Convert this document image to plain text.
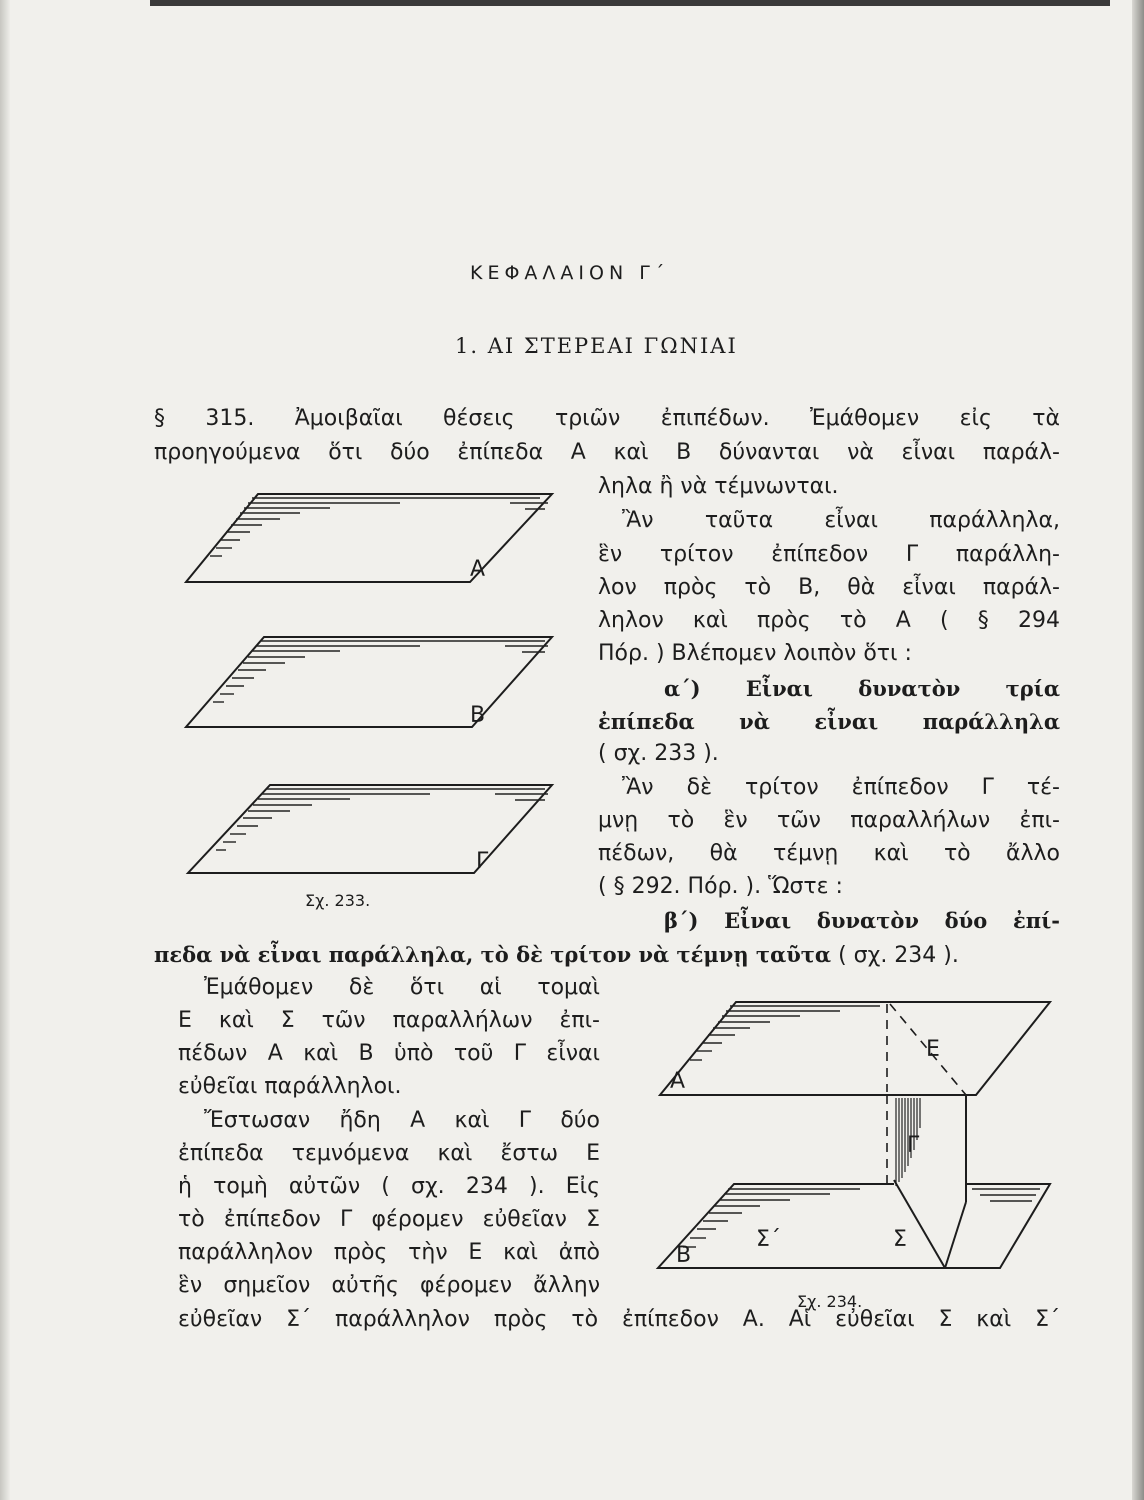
ΚΕΦΑΛΑΙΟΝ Γ΄
1. ΑΙ ΣΤΕΡΕΑΙ ΓΩΝΙΑΙ
§ 315. Ἀμοιβαῖαι θέσεις τριῶν ἐπιπέδων. Ἐμάθομεν εἰς τὰ
προηγούμενα ὅτι δύο ἐπίπεδα Α καὶ Β δύνανται νὰ εἶναι παράλ-
ληλα ἢ νὰ τέμνωνται.
Ἂν ταῦτα εἶναι παράλληλα,
ἓν τρίτον ἐπίπεδον Γ παράλλη-
λον πρὸς τὸ Β, θὰ εἶναι παράλ-
ληλον καὶ πρὸς τὸ Α ( § 294
Πόρ. ) Βλέπομεν λοιπὸν ὅτι :
α΄) Εἶναι δυνατὸν τρία
ἐπίπεδα νὰ εἶναι παράλληλα
( σχ. 233 ).
Ἂν δὲ τρίτον ἐπίπεδον Γ τέ-
μνῃ τὸ ἓν τῶν παραλλήλων ἐπι-
πέδων, θὰ τέμνῃ καὶ τὸ ἄλλο
( § 292. Πόρ. ). Ὥστε :
β΄) Εἶναι δυνατὸν δύο ἐπί-
πεδα νὰ εἶναι παράλληλα, τὸ δὲ τρίτον νὰ τέμνῃ ταῦτα ( σχ. 234 ).
Ἐμάθομεν δὲ ὅτι αἱ τομαὶ
Ε καὶ Σ τῶν παραλλήλων ἐπι-
πέδων Α καὶ Β ὑπὸ τοῦ Γ εἶναι
εὐθεῖαι παράλληλοι.
Ἔστωσαν ἤδη Α καὶ Γ δύο
ἐπίπεδα τεμνόμενα καὶ ἔστω Ε
ἡ τομὴ αὐτῶν ( σχ. 234 ). Εἰς
τὸ ἐπίπεδον Γ φέρομεν εὐθεῖαν Σ
παράλληλον πρὸς τὴν Ε καὶ ἀπὸ
ἓν σημεῖον αὐτῆς φέρομεν ἄλλην
εὐθεῖαν Σ΄ παράλληλον πρὸς τὸ ἐπίπεδον Α. Αἱ εὐθεῖαι Σ καὶ Σ΄
Α
Β
Γ
Α
Ε
Γ
Β
Σ΄	Σ
Σχ. 233.
Σχ. 234.
